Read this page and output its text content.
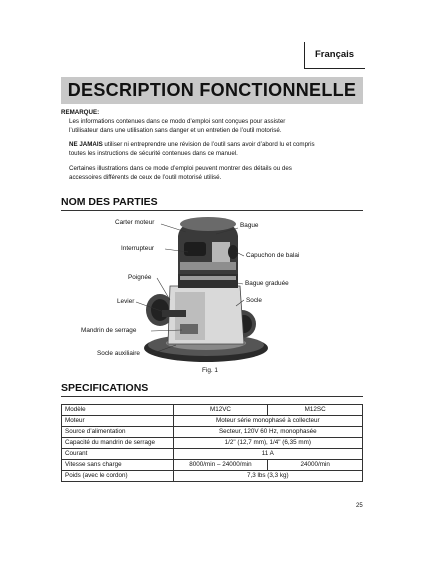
Français
DESCRIPTION FONCTIONNELLE
REMARQUE:
Les informations contenues dans ce modo d’emploi sont conçues pour assister
l’utilisateur dans une utilisation sans danger et un entretien de l’outil motorisé.
NE JAMAIS utiliser ni entreprendre une révision de l’outil sans avoir d’abord lu et compris
toutes les instructions de sécurité contenues dans ce manuel.
Certaines illustrations dans ce mode d’emploi peuvent montrer des détails ou des
accessoires différents de ceux de l’outil motorisé utilisé.
NOM DES PARTIES
Carter moteur
Interrupteur
Poignée
Levier
Mandrin de serrage
Socle auxiliaire
Bague
Capuchon de balai
Bague graduée
Socle
Fig. 1
SPECIFICATIONS
Modèle	M12VC	M12SC
Moteur	Moteur série monophasé à collecteur	
Source d’alimentation	Secteur, 120V 60 Hz, monophasée	
Capacité du mandrin de serrage	1/2" (12,7 mm), 1/4" (6,35 mm)	
Courant	11 A	
Vitesse sans charge	8000/min – 24000/min	24000/min
Poids (avec le cordon)	7,3 lbs (3,3 kg)	
25
